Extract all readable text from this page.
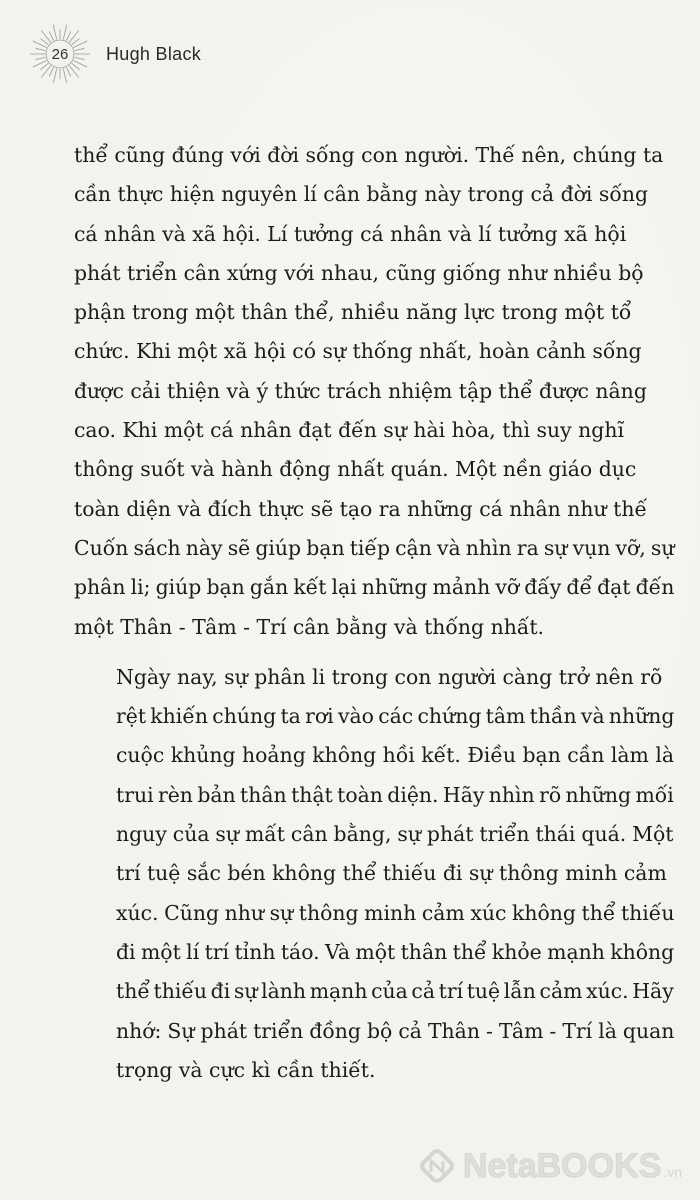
26	Hugh Black

thể cũng đúng với đời sống con người. Thế nên, chúng ta
cần thực hiện nguyên lí cân bằng này trong cả đời sống
cá nhân và xã hội. Lí tưởng cá nhân và lí tưởng xã hội
phát triển cân xứng với nhau, cũng giống như nhiều bộ
phận trong một thân thể, nhiều năng lực trong một tổ
chức. Khi một xã hội có sự thống nhất, hoàn cảnh sống
được cải thiện và ý thức trách nhiệm tập thể được nâng
cao. Khi một cá nhân đạt đến sự hài hòa, thì suy nghĩ
thông suốt và hành động nhất quán. Một nền giáo dục
toàn diện và đích thực sẽ tạo ra những cá nhân như thế
Cuốn sách này sẽ giúp bạn tiếp cận và nhìn ra sự vụn vỡ, sự
phân li; giúp bạn gắn kết lại những mảnh vỡ đấy để đạt đến
một Thân - Tâm - Trí cân bằng và thống nhất.

Ngày nay, sự phân li trong con người càng trở nên rõ
rệt khiến chúng ta rơi vào các chứng tâm thần và những
cuộc khủng hoảng không hồi kết. Điều bạn cần làm là
trui rèn bản thân thật toàn diện. Hãy nhìn rõ những mối
nguy của sự mất cân bằng, sự phát triển thái quá. Một
trí tuệ sắc bén không thể thiếu đi sự thông minh cảm
xúc. Cũng như sự thông minh cảm xúc không thể thiếu
đi một lí trí tỉnh táo. Và một thân thể khỏe mạnh không
thể thiếu đi sự lành mạnh của cả trí tuệ lẫn cảm xúc. Hãy
nhớ: Sự phát triển đồng bộ cả Thân - Tâm - Trí là quan
trọng và cực kì cần thiết.

NetaBOOKS .vn
